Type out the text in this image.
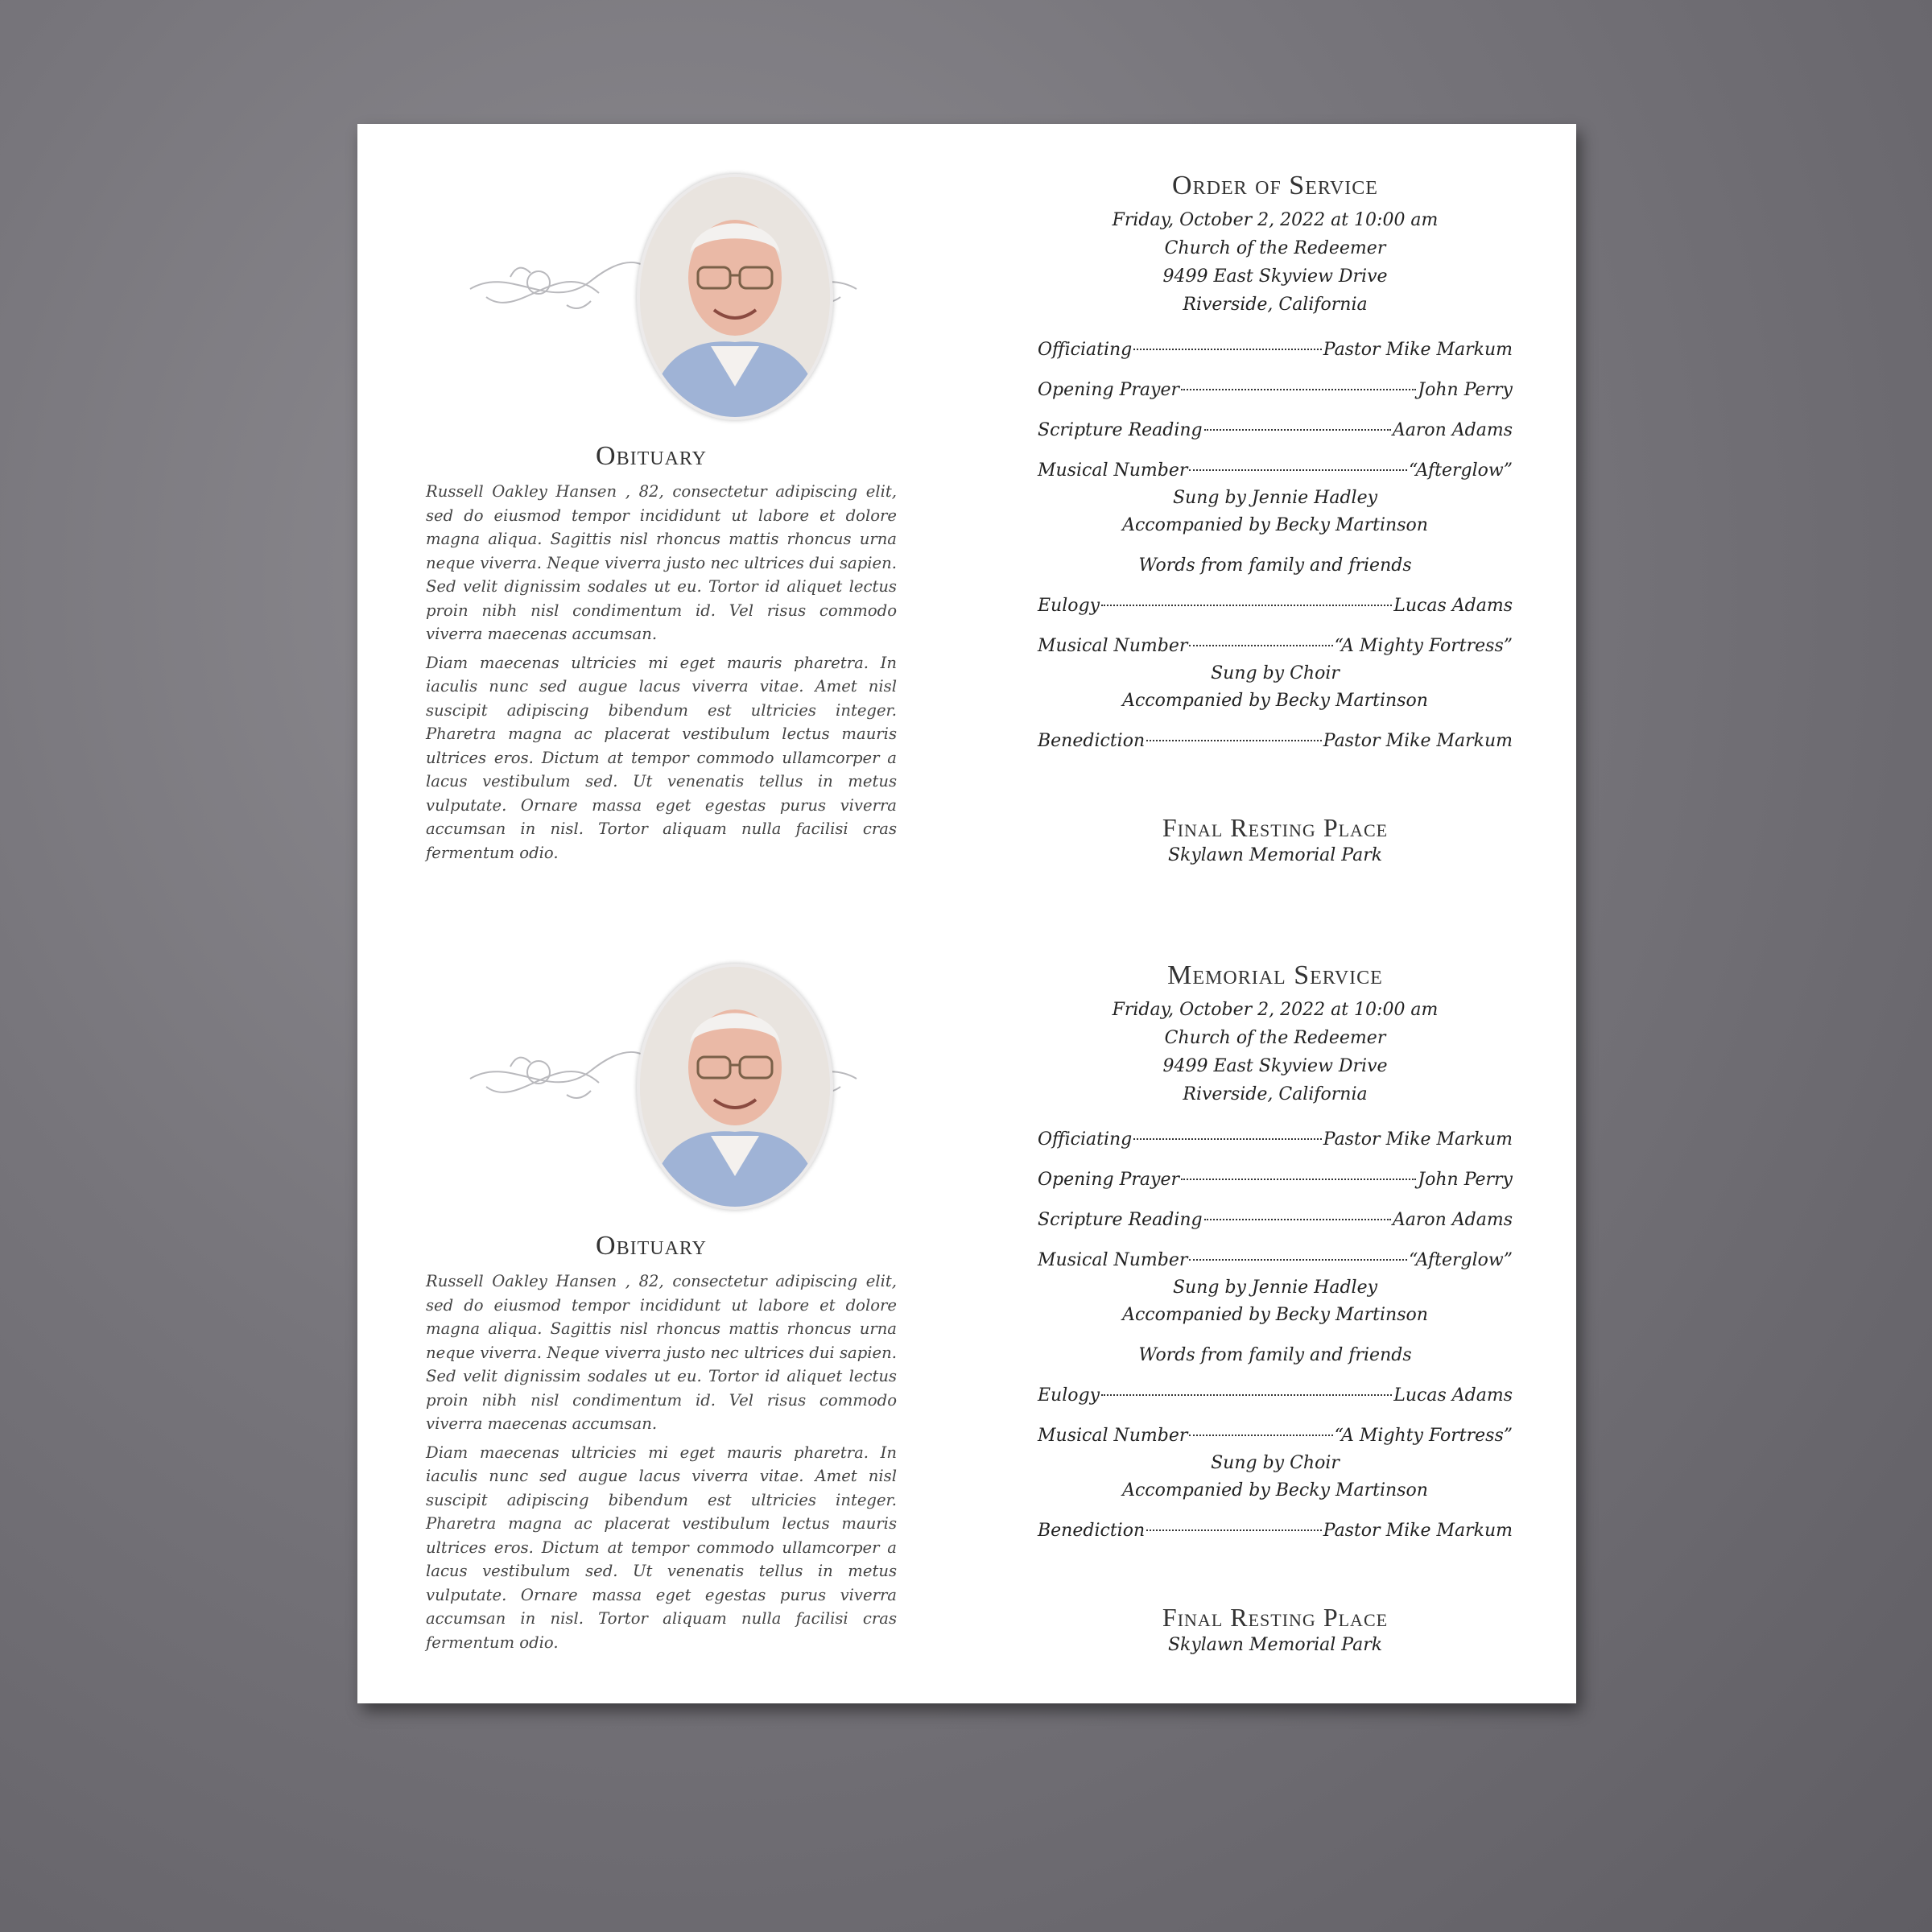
Obituary

Russell Oakley Hansen , 82, consectetur adipiscing elit, sed do eiusmod tempor incididunt ut labore et dolore magna aliqua. Sagittis nisl rhoncus mattis rhoncus urna neque viverra. Neque viverra justo nec ultrices dui sapien. Sed velit dignissim sodales ut eu. Tortor id aliquet lectus proin nibh nisl condimentum id. Vel risus commodo viverra maecenas accumsan.

Diam maecenas ultricies mi eget mauris pharetra. In iaculis nunc sed augue lacus viverra vitae. Amet nisl suscipit adipiscing bibendum est ultricies integer. Pharetra magna ac placerat vestibulum lectus mauris ultrices eros. Dictum at tempor commodo ullamcorper a lacus vestibulum sed. Ut venenatis tellus in metus vulputate. Ornare massa eget egestas purus viverra accumsan in nisl. Tortor aliquam nulla facilisi cras fermentum odio.

Order of Service
Friday, October 2, 2022 at 10:00 am
Church of the Redeemer
9499 East Skyview Drive
Riverside, California
Officiating	Pastor Mike Markum
Opening Prayer	John Perry
Scripture Reading	Aaron Adams
Musical Number	“Afterglow”
Sung by Jennie Hadley
Accompanied by Becky Martinson
Words from family and friends
Eulogy	Lucas Adams
Musical Number	“A Mighty Fortress”
Sung by Choir
Accompanied by Becky Martinson
Benediction	Pastor Mike Markum
Final Resting Place
Skylawn Memorial Park
Obituary

Russell Oakley Hansen , 82, consectetur adipiscing elit, sed do eiusmod tempor incididunt ut labore et dolore magna aliqua. Sagittis nisl rhoncus mattis rhoncus urna neque viverra. Neque viverra justo nec ultrices dui sapien. Sed velit dignissim sodales ut eu. Tortor id aliquet lectus proin nibh nisl condimentum id. Vel risus commodo viverra maecenas accumsan.

Diam maecenas ultricies mi eget mauris pharetra. In iaculis nunc sed augue lacus viverra vitae. Amet nisl suscipit adipiscing bibendum est ultricies integer. Pharetra magna ac placerat vestibulum lectus mauris ultrices eros. Dictum at tempor commodo ullamcorper a lacus vestibulum sed. Ut venenatis tellus in metus vulputate. Ornare massa eget egestas purus viverra accumsan in nisl. Tortor aliquam nulla facilisi cras fermentum odio.

Memorial Service
Friday, October 2, 2022 at 10:00 am
Church of the Redeemer
9499 East Skyview Drive
Riverside, California
Officiating	Pastor Mike Markum
Opening Prayer	John Perry
Scripture Reading	Aaron Adams
Musical Number	“Afterglow”
Sung by Jennie Hadley
Accompanied by Becky Martinson
Words from family and friends
Eulogy	Lucas Adams
Musical Number	“A Mighty Fortress”
Sung by Choir
Accompanied by Becky Martinson
Benediction	Pastor Mike Markum
Final Resting Place
Skylawn Memorial Park
